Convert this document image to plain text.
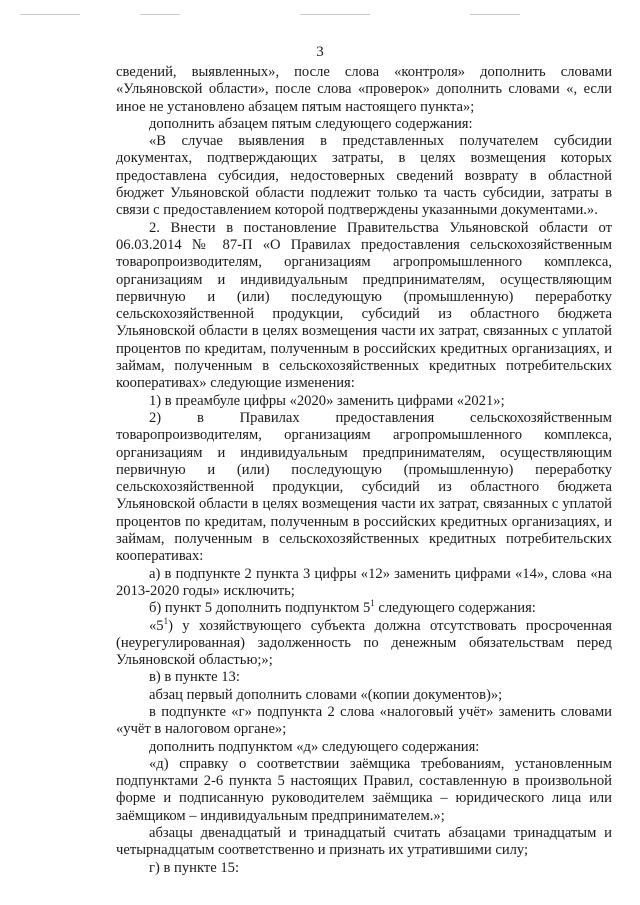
3

сведений, выявленных», после слова «контроля» дополнить словами «Ульяновской области», после слова «проверок» дополнить словами «, если иное не установлено абзацем пятым настоящего пункта»;

дополнить абзацем пятым следующего содержания:

«В случае выявления в представленных получателем субсидии документах, подтверждающих затраты, в целях возмещения которых предоставлена субсидия, недостоверных сведений возврату в областной бюджет Ульяновской области подлежит только та часть субсидии, затраты в связи с предоставлением которой подтверждены указанными документами.».

2. Внести в постановление Правительства Ульяновской области от 06.03.2014 № 87-П «О Правилах предоставления сельскохозяйственным товаропроизводителям, организациям агропромышленного комплекса, организациям и индивидуальным предпринимателям, осуществляющим первичную и (или) последующую (промышленную) переработку сельскохозяйственной продукции, субсидий из областного бюджета Ульяновской области в целях возмещения части их затрат, связанных с уплатой процентов по кредитам, полученным в российских кредитных организациях, и займам, полученным в сельскохозяйственных кредитных потребительских кооперативах» следующие изменения:

1) в преамбуле цифры «2020» заменить цифрами «2021»;

2) в Правилах предоставления сельскохозяйственным товаропроизводителям, организациям агропромышленного комплекса, организациям и индивидуальным предпринимателям, осуществляющим первичную и (или) последующую (промышленную) переработку сельскохозяйственной продукции, субсидий из областного бюджета Ульяновской области в целях возмещения части их затрат, связанных с уплатой процентов по кредитам, полученным в российских кредитных организациях, и займам, полученным в сельскохозяйственных кредитных потребительских кооперативах:

а) в подпункте 2 пункта 3 цифры «12» заменить цифрами «14», слова «на 2013-2020 годы» исключить;

б) пункт 5 дополнить подпунктом $5^1$ следующего содержания:

«$5^1$) у хозяйствующего субъекта должна отсутствовать просроченная (неурегулированная) задолженность по денежным обязательствам перед Ульяновской областью;»;

в) в пункте 13:

абзац первый дополнить словами «(копии документов)»;

в подпункте «г» подпункта 2 слова «налоговый учёт» заменить словами «учёт в налоговом органе»;

дополнить подпунктом «д» следующего содержания:

«д) справку о соответствии заёмщика требованиям, установленным подпунктами 2-6 пункта 5 настоящих Правил, составленную в произвольной форме и подписанную руководителем заёмщика – юридического лица или заёмщиком – индивидуальным предпринимателем.»;

абзацы двенадцатый и тринадцатый считать абзацами тринадцатым и четырнадцатым соответственно и признать их утратившими силу;

г) в пункте 15:
